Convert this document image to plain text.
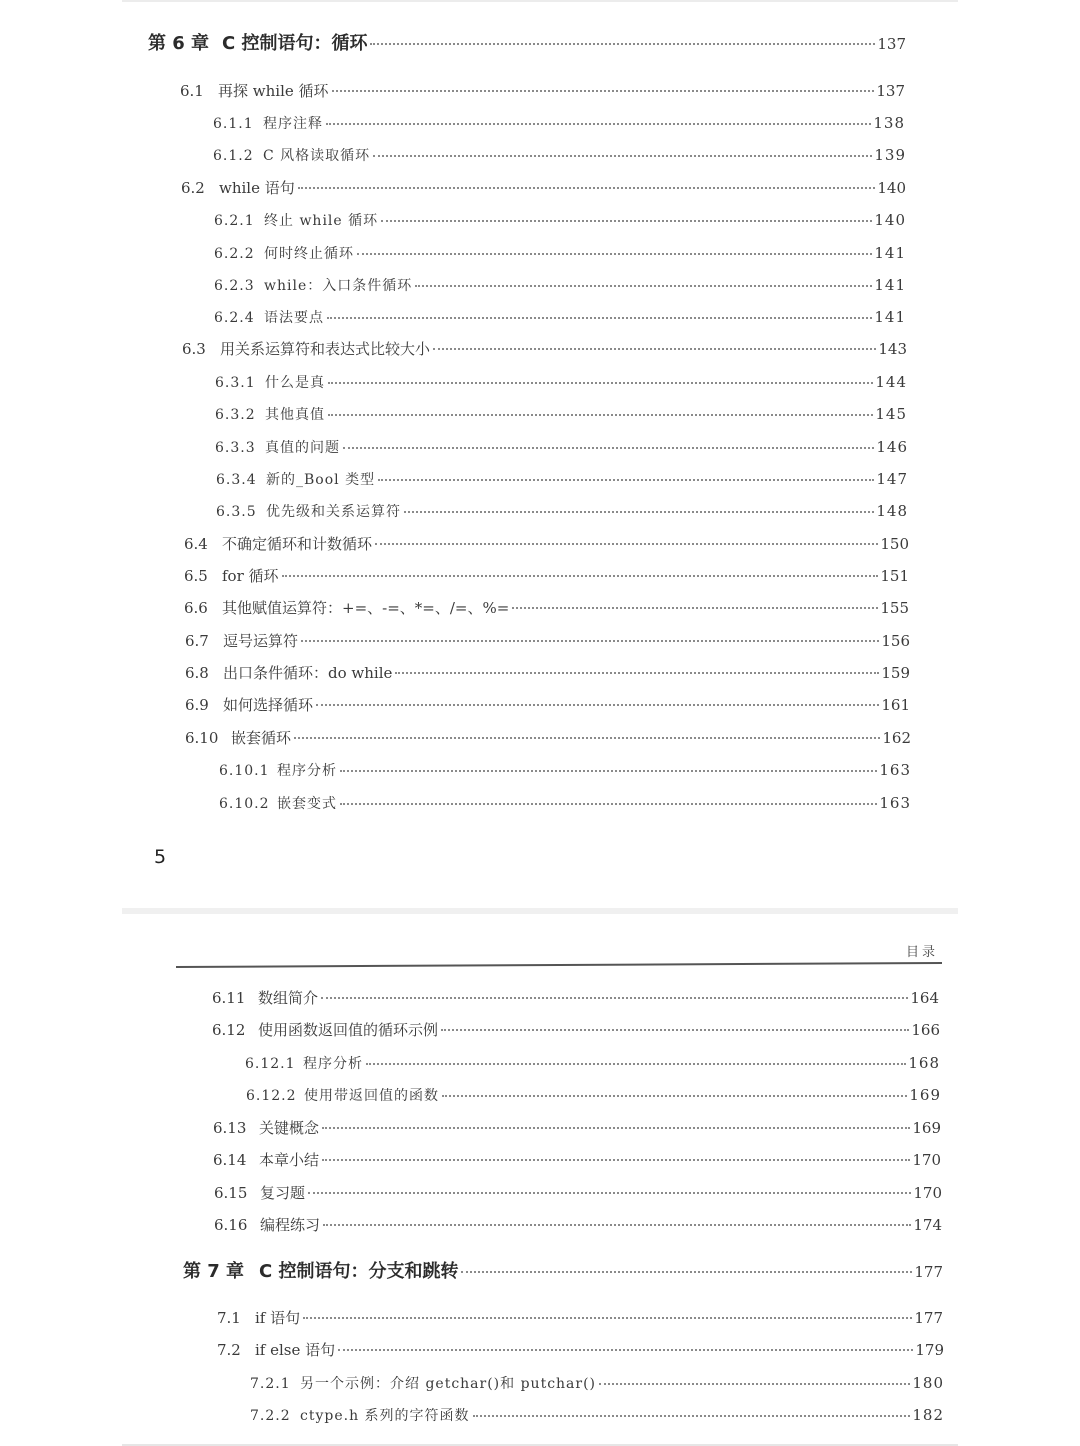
第 6 章 C 控制语句：循环	137
6.1 再探 while 循环	137
6.1.1 程序注释	138
6.1.2 C 风格读取循环	139
6.2 while 语句	140
6.2.1 终止 while 循环	140
6.2.2 何时终止循环	141
6.2.3 while：入口条件循环	141
6.2.4 语法要点	141
6.3 用关系运算符和表达式比较大小	143
6.3.1 什么是真	144
6.3.2 其他真值	145
6.3.3 真值的问题	146
6.3.4 新的_Bool 类型	147
6.3.5 优先级和关系运算符	148
6.4 不确定循环和计数循环	150
6.5 for 循环	151
6.6 其他赋值运算符：+=、-=、*=、/=、%=	155
6.7 逗号运算符	156
6.8 出口条件循环：do while	159
6.9 如何选择循环	161
6.10 嵌套循环	162
6.10.1 程序分析	163
6.10.2 嵌套变式	163
5
目录
6.11 数组简介	164
6.12 使用函数返回值的循环示例	166
6.12.1 程序分析	168
6.12.2 使用带返回值的函数	169
6.13 关键概念	169
6.14 本章小结	170
6.15 复习题	170
6.16 编程练习	174
第 7 章 C 控制语句：分支和跳转	177
7.1 if 语句	177
7.2 if else 语句	179
7.2.1 另一个示例：介绍 getchar()和 putchar()	180
7.2.2 ctype.h 系列的字符函数	182
